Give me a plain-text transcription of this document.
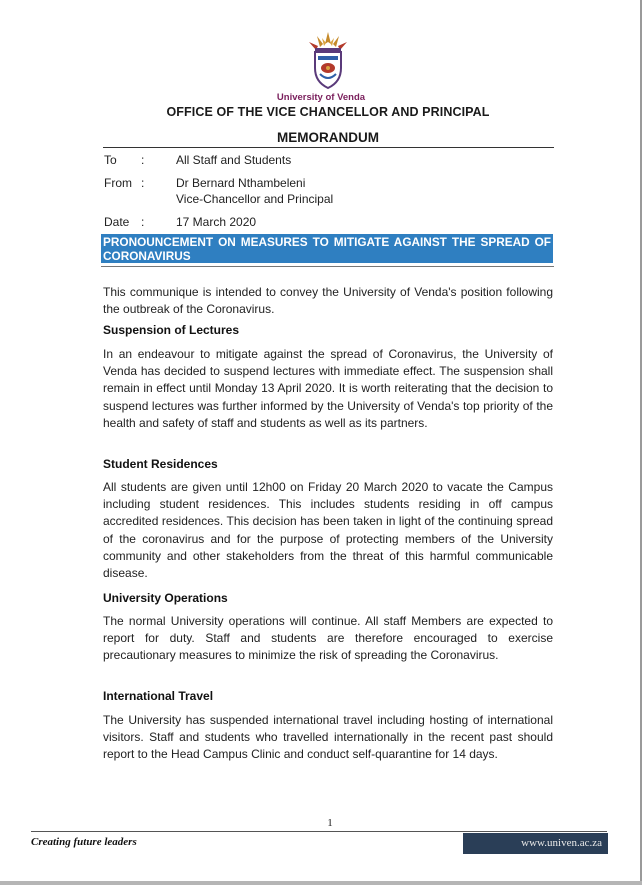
University of Venda
OFFICE OF THE VICE CHANCELLOR AND PRINCIPAL
MEMORANDUM
To	:	All Staff and Students
From :	Dr Bernard Nthambeleni
Vice-Chancellor and Principal
Date :	17 March 2020
PRONOUNCEMENT ON MEASURES TO MITIGATE AGAINST THE SPREAD OF CORONAVIRUS
This communique is intended to convey the University of Venda's position following the outbreak of the Coronavirus.
Suspension of Lectures
In an endeavour to mitigate against the spread of Coronavirus, the University of Venda has decided to suspend lectures with immediate effect. The suspension shall remain in effect until Monday 13 April 2020. It is worth reiterating that the decision to suspend lectures was further informed by the University of Venda's top priority of the health and safety of staff and students as well as its partners.
Student Residences
All students are given until 12h00 on Friday 20 March 2020 to vacate the Campus including student residences. This includes students residing in off campus accredited residences. This decision has been taken in light of the continuing spread of the coronavirus and for the purpose of protecting members of the University community and other stakeholders from the threat of this harmful communicable disease.
University Operations
The normal University operations will continue. All staff Members are expected to report for duty. Staff and students are therefore encouraged to exercise precautionary measures to minimize the risk of spreading the Coronavirus.
International Travel
The University has suspended international travel including hosting of international visitors. Staff and students who travelled internationally in the recent past should report to the Head Campus Clinic and conduct self-quarantine for 14 days.
1
Creating future leaders	www.univen.ac.za
